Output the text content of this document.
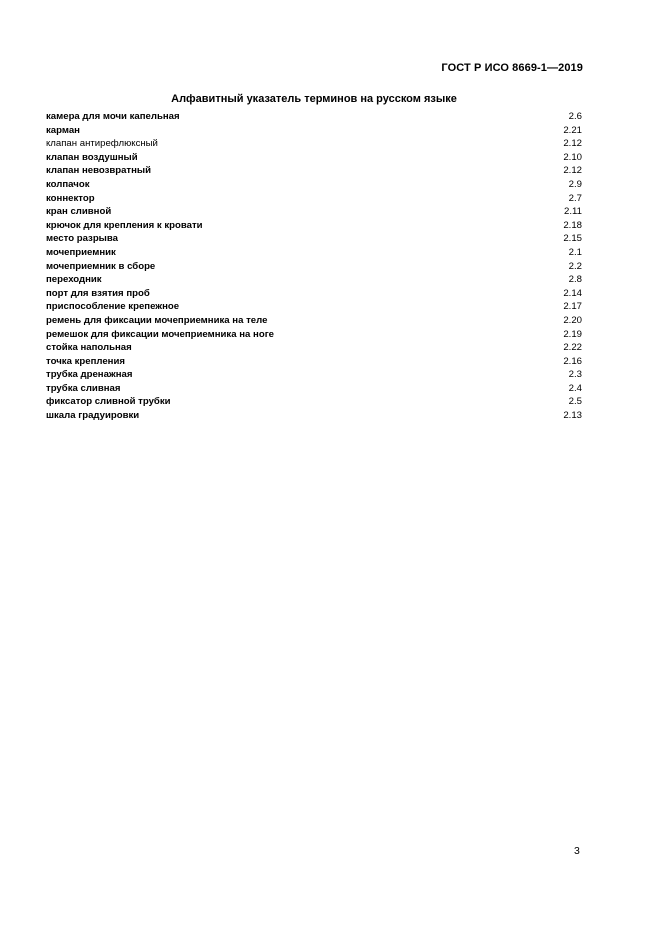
ГОСТ Р ИСО 8669-1—2019
Алфавитный указатель терминов на русском языке
камера для мочи капельная	2.6
карман	2.21
клапан антирефлюксный	2.12
клапан воздушный	2.10
клапан невозвратный	2.12
колпачок	2.9
коннектор	2.7
кран сливной	2.11
крючок для крепления к кровати	2.18
место разрыва	2.15
мочеприемник	2.1
мочеприемник в сборе	2.2
переходник	2.8
порт для взятия проб	2.14
приспособление крепежное	2.17
ремень для фиксации мочеприемника на теле	2.20
ремешок для фиксации мочеприемника на ноге	2.19
стойка напольная	2.22
точка крепления	2.16
трубка дренажная	2.3
трубка сливная	2.4
фиксатор сливной трубки	2.5
шкала градуировки	2.13
3
